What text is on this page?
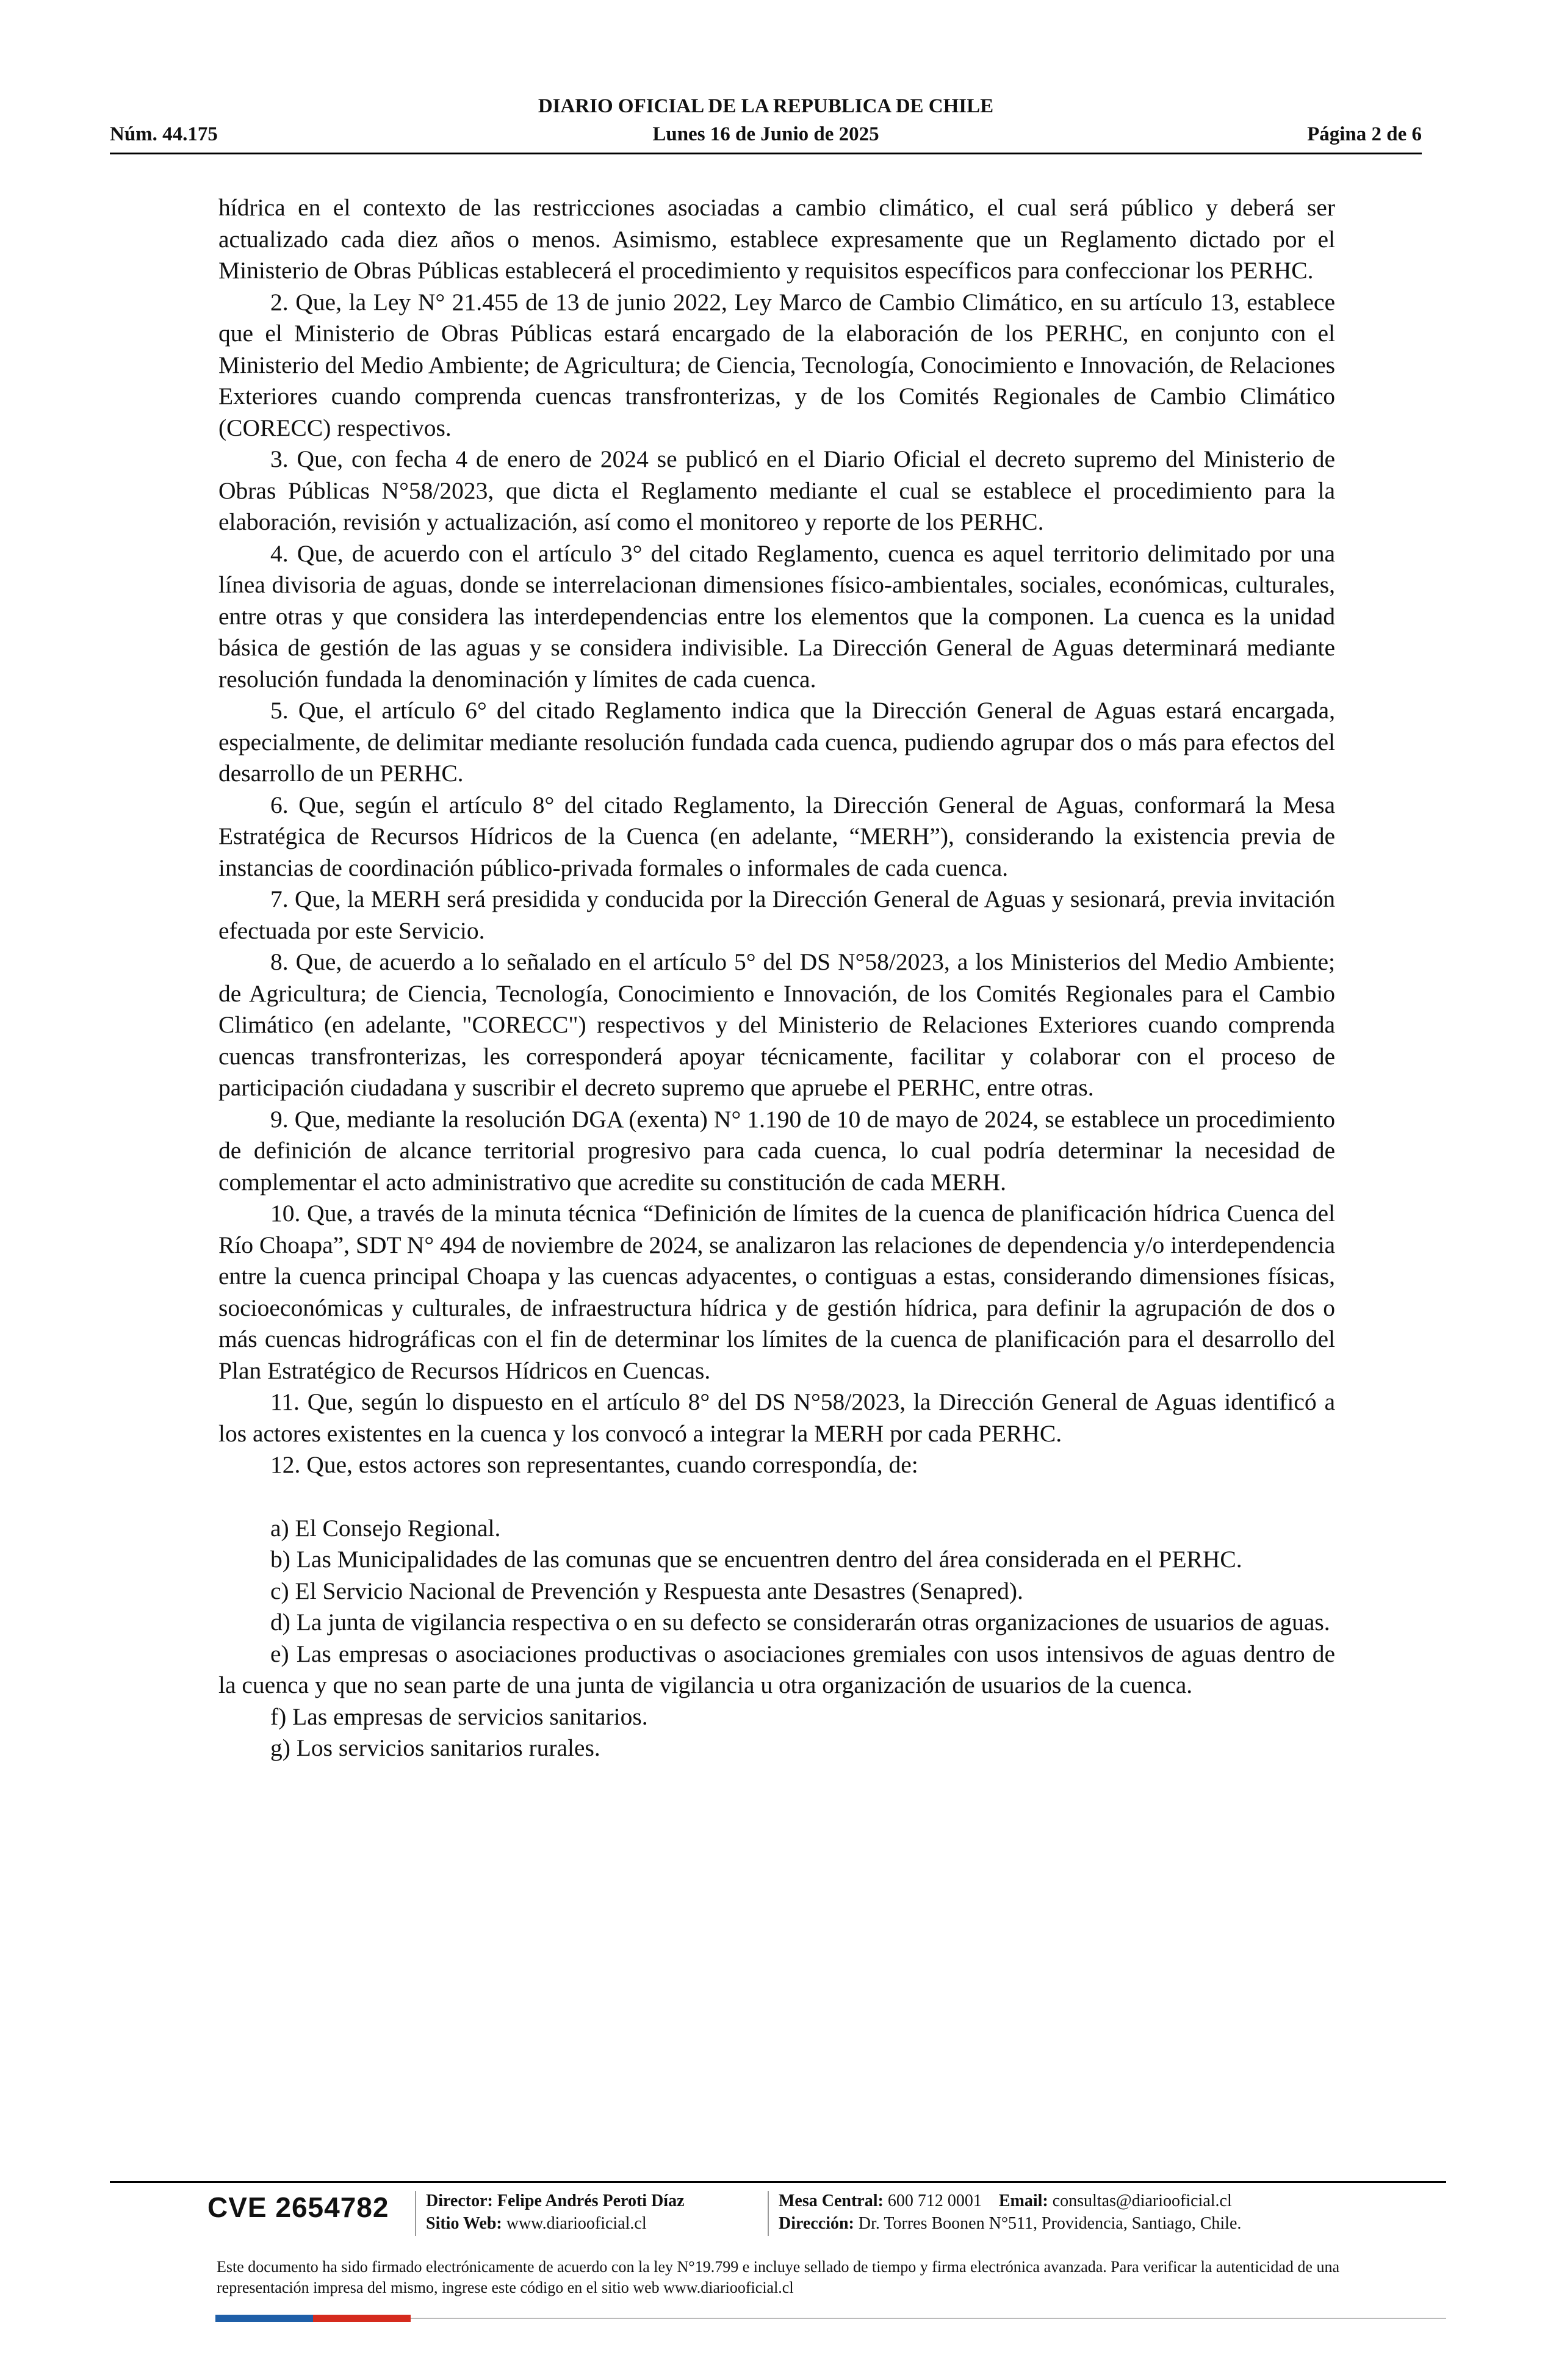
DIARIO OFICIAL DE LA REPUBLICA DE CHILE
Núm. 44.175	Lunes 16 de Junio de 2025	Página 2 de 6

hídrica en el contexto de las restricciones asociadas a cambio climático, el cual será público y deberá ser actualizado cada diez años o menos. Asimismo, establece expresamente que un Reglamento dictado por el Ministerio de Obras Públicas establecerá el procedimiento y requisitos específicos para confeccionar los PERHC.

2. Que, la Ley N° 21.455 de 13 de junio 2022, Ley Marco de Cambio Climático, en su artículo 13, establece que el Ministerio de Obras Públicas estará encargado de la elaboración de los PERHC, en conjunto con el Ministerio del Medio Ambiente; de Agricultura; de Ciencia, Tecnología, Conocimiento e Innovación, de Relaciones Exteriores cuando comprenda cuencas transfronterizas, y de los Comités Regionales de Cambio Climático (CORECC) respectivos.

3. Que, con fecha 4 de enero de 2024 se publicó en el Diario Oficial el decreto supremo del Ministerio de Obras Públicas N°58/2023, que dicta el Reglamento mediante el cual se establece el procedimiento para la elaboración, revisión y actualización, así como el monitoreo y reporte de los PERHC.

4. Que, de acuerdo con el artículo 3° del citado Reglamento, cuenca es aquel territorio delimitado por una línea divisoria de aguas, donde se interrelacionan dimensiones físico-ambientales, sociales, económicas, culturales, entre otras y que considera las interdependencias entre los elementos que la componen. La cuenca es la unidad básica de gestión de las aguas y se considera indivisible. La Dirección General de Aguas determinará mediante resolución fundada la denominación y límites de cada cuenca.

5. Que, el artículo 6° del citado Reglamento indica que la Dirección General de Aguas estará encargada, especialmente, de delimitar mediante resolución fundada cada cuenca, pudiendo agrupar dos o más para efectos del desarrollo de un PERHC.

6. Que, según el artículo 8° del citado Reglamento, la Dirección General de Aguas, conformará la Mesa Estratégica de Recursos Hídricos de la Cuenca (en adelante, “MERH”), considerando la existencia previa de instancias de coordinación público-privada formales o informales de cada cuenca.

7. Que, la MERH será presidida y conducida por la Dirección General de Aguas y sesionará, previa invitación efectuada por este Servicio.

8. Que, de acuerdo a lo señalado en el artículo 5° del DS N°58/2023, a los Ministerios del Medio Ambiente; de Agricultura; de Ciencia, Tecnología, Conocimiento e Innovación, de los Comités Regionales para el Cambio Climático (en adelante, "CORECC") respectivos y del Ministerio de Relaciones Exteriores cuando comprenda cuencas transfronterizas, les corresponderá apoyar técnicamente, facilitar y colaborar con el proceso de participación ciudadana y suscribir el decreto supremo que apruebe el PERHC, entre otras.

9. Que, mediante la resolución DGA (exenta) N° 1.190 de 10 de mayo de 2024, se establece un procedimiento de definición de alcance territorial progresivo para cada cuenca, lo cual podría determinar la necesidad de complementar el acto administrativo que acredite su constitución de cada MERH.

10. Que, a través de la minuta técnica “Definición de límites de la cuenca de planificación hídrica Cuenca del Río Choapa”, SDT N° 494 de noviembre de 2024, se analizaron las relaciones de dependencia y/o interdependencia entre la cuenca principal Choapa y las cuencas adyacentes, o contiguas a estas, considerando dimensiones físicas, socioeconómicas y culturales, de infraestructura hídrica y de gestión hídrica, para definir la agrupación de dos o más cuencas hidrográficas con el fin de determinar los límites de la cuenca de planificación para el desarrollo del Plan Estratégico de Recursos Hídricos en Cuencas.

11. Que, según lo dispuesto en el artículo 8° del DS N°58/2023, la Dirección General de Aguas identificó a los actores existentes en la cuenca y los convocó a integrar la MERH por cada PERHC.

12. Que, estos actores son representantes, cuando correspondía, de:

a) El Consejo Regional.

b) Las Municipalidades de las comunas que se encuentren dentro del área considerada en el PERHC.

c) El Servicio Nacional de Prevención y Respuesta ante Desastres (Senapred).

d) La junta de vigilancia respectiva o en su defecto se considerarán otras organizaciones de usuarios de aguas.

e) Las empresas o asociaciones productivas o asociaciones gremiales con usos intensivos de aguas dentro de la cuenca y que no sean parte de una junta de vigilancia u otra organización de usuarios de la cuenca.

f) Las empresas de servicios sanitarios.

g) Los servicios sanitarios rurales.

CVE 2654782 Director: Felipe Andrés Peroti Díaz
Sitio Web: www.diariooficial.cl
Mesa Central: 600 712 0001 Email: consultas@diariooficial.cl
Dirección: Dr. Torres Boonen N°511, Providencia, Santiago, Chile.
Este documento ha sido firmado electrónicamente de acuerdo con la ley N°19.799 e incluye sellado de tiempo y firma electrónica avanzada. Para verificar la autenticidad de una representación impresa del mismo, ingrese este código en el sitio web www.diariooficial.cl
